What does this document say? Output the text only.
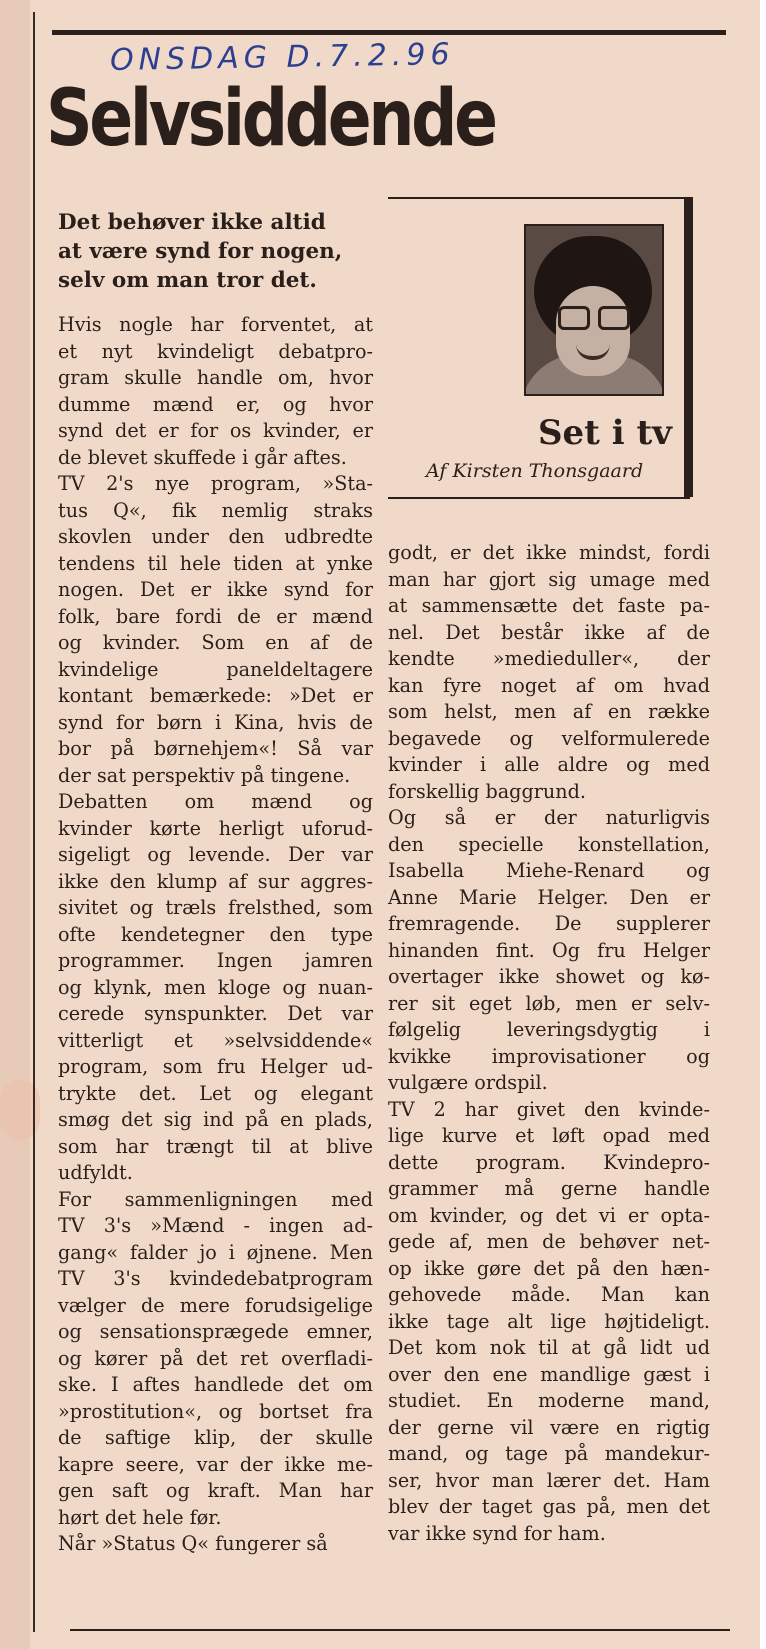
ONSDAG D.7.2.96
Selvsiddende
Det behøver ikke altid
at være synd for nogen,
selv om man tror det.
Set i tv
Af Kirsten Thonsgaard
Hvis nogle har forventet, at
et nyt kvindeligt debatpro-
gram skulle handle om, hvor
dumme mænd er, og hvor
synd det er for os kvinder, er
de blevet skuffede i går aftes.
TV 2's nye program, »Sta-
tus Q«, fik nemlig straks
skovlen under den udbredte
tendens til hele tiden at ynke
nogen. Det er ikke synd for
folk, bare fordi de er mænd
og kvinder. Som en af de
kvindelige paneldeltagere
kontant bemærkede: »Det er
synd for børn i Kina, hvis de
bor på børnehjem«! Så var
der sat perspektiv på tingene.
Debatten om mænd og
kvinder kørte herligt uforud-
sigeligt og levende. Der var
ikke den klump af sur aggres-
sivitet og træls frelsthed, som
ofte kendetegner den type
programmer. Ingen jamren
og klynk, men kloge og nuan-
cerede synspunkter. Det var
vitterligt et »selvsiddende«
program, som fru Helger ud-
trykte det. Let og elegant
smøg det sig ind på en plads,
som har trængt til at blive
udfyldt.
For sammenligningen med
TV 3's »Mænd - ingen ad-
gang« falder jo i øjnene. Men
TV 3's kvindedebatprogram
vælger de mere forudsigelige
og sensationsprægede emner,
og kører på det ret overfladi-
ske. I aftes handlede det om
»prostitution«, og bortset fra
de saftige klip, der skulle
kapre seere, var der ikke me-
gen saft og kraft. Man har
hørt det hele før.
Når »Status Q« fungerer så
godt, er det ikke mindst, fordi
man har gjort sig umage med
at sammensætte det faste pa-
nel. Det består ikke af de
kendte »medieduller«, der
kan fyre noget af om hvad
som helst, men af en række
begavede og velformulerede
kvinder i alle aldre og med
forskellig baggrund.
Og så er der naturligvis
den specielle konstellation,
Isabella Miehe-Renard og
Anne Marie Helger. Den er
fremragende. De supplerer
hinanden fint. Og fru Helger
overtager ikke showet og kø-
rer sit eget løb, men er selv-
følgelig leveringsdygtig i
kvikke improvisationer og
vulgære ordspil.
TV 2 har givet den kvinde-
lige kurve et løft opad med
dette program. Kvindepro-
grammer må gerne handle
om kvinder, og det vi er opta-
gede af, men de behøver net-
op ikke gøre det på den hæn-
gehovede måde. Man kan
ikke tage alt lige højtideligt.
Det kom nok til at gå lidt ud
over den ene mandlige gæst i
studiet. En moderne mand,
der gerne vil være en rigtig
mand, og tage på mandekur-
ser, hvor man lærer det. Ham
blev der taget gas på, men det
var ikke synd for ham.
